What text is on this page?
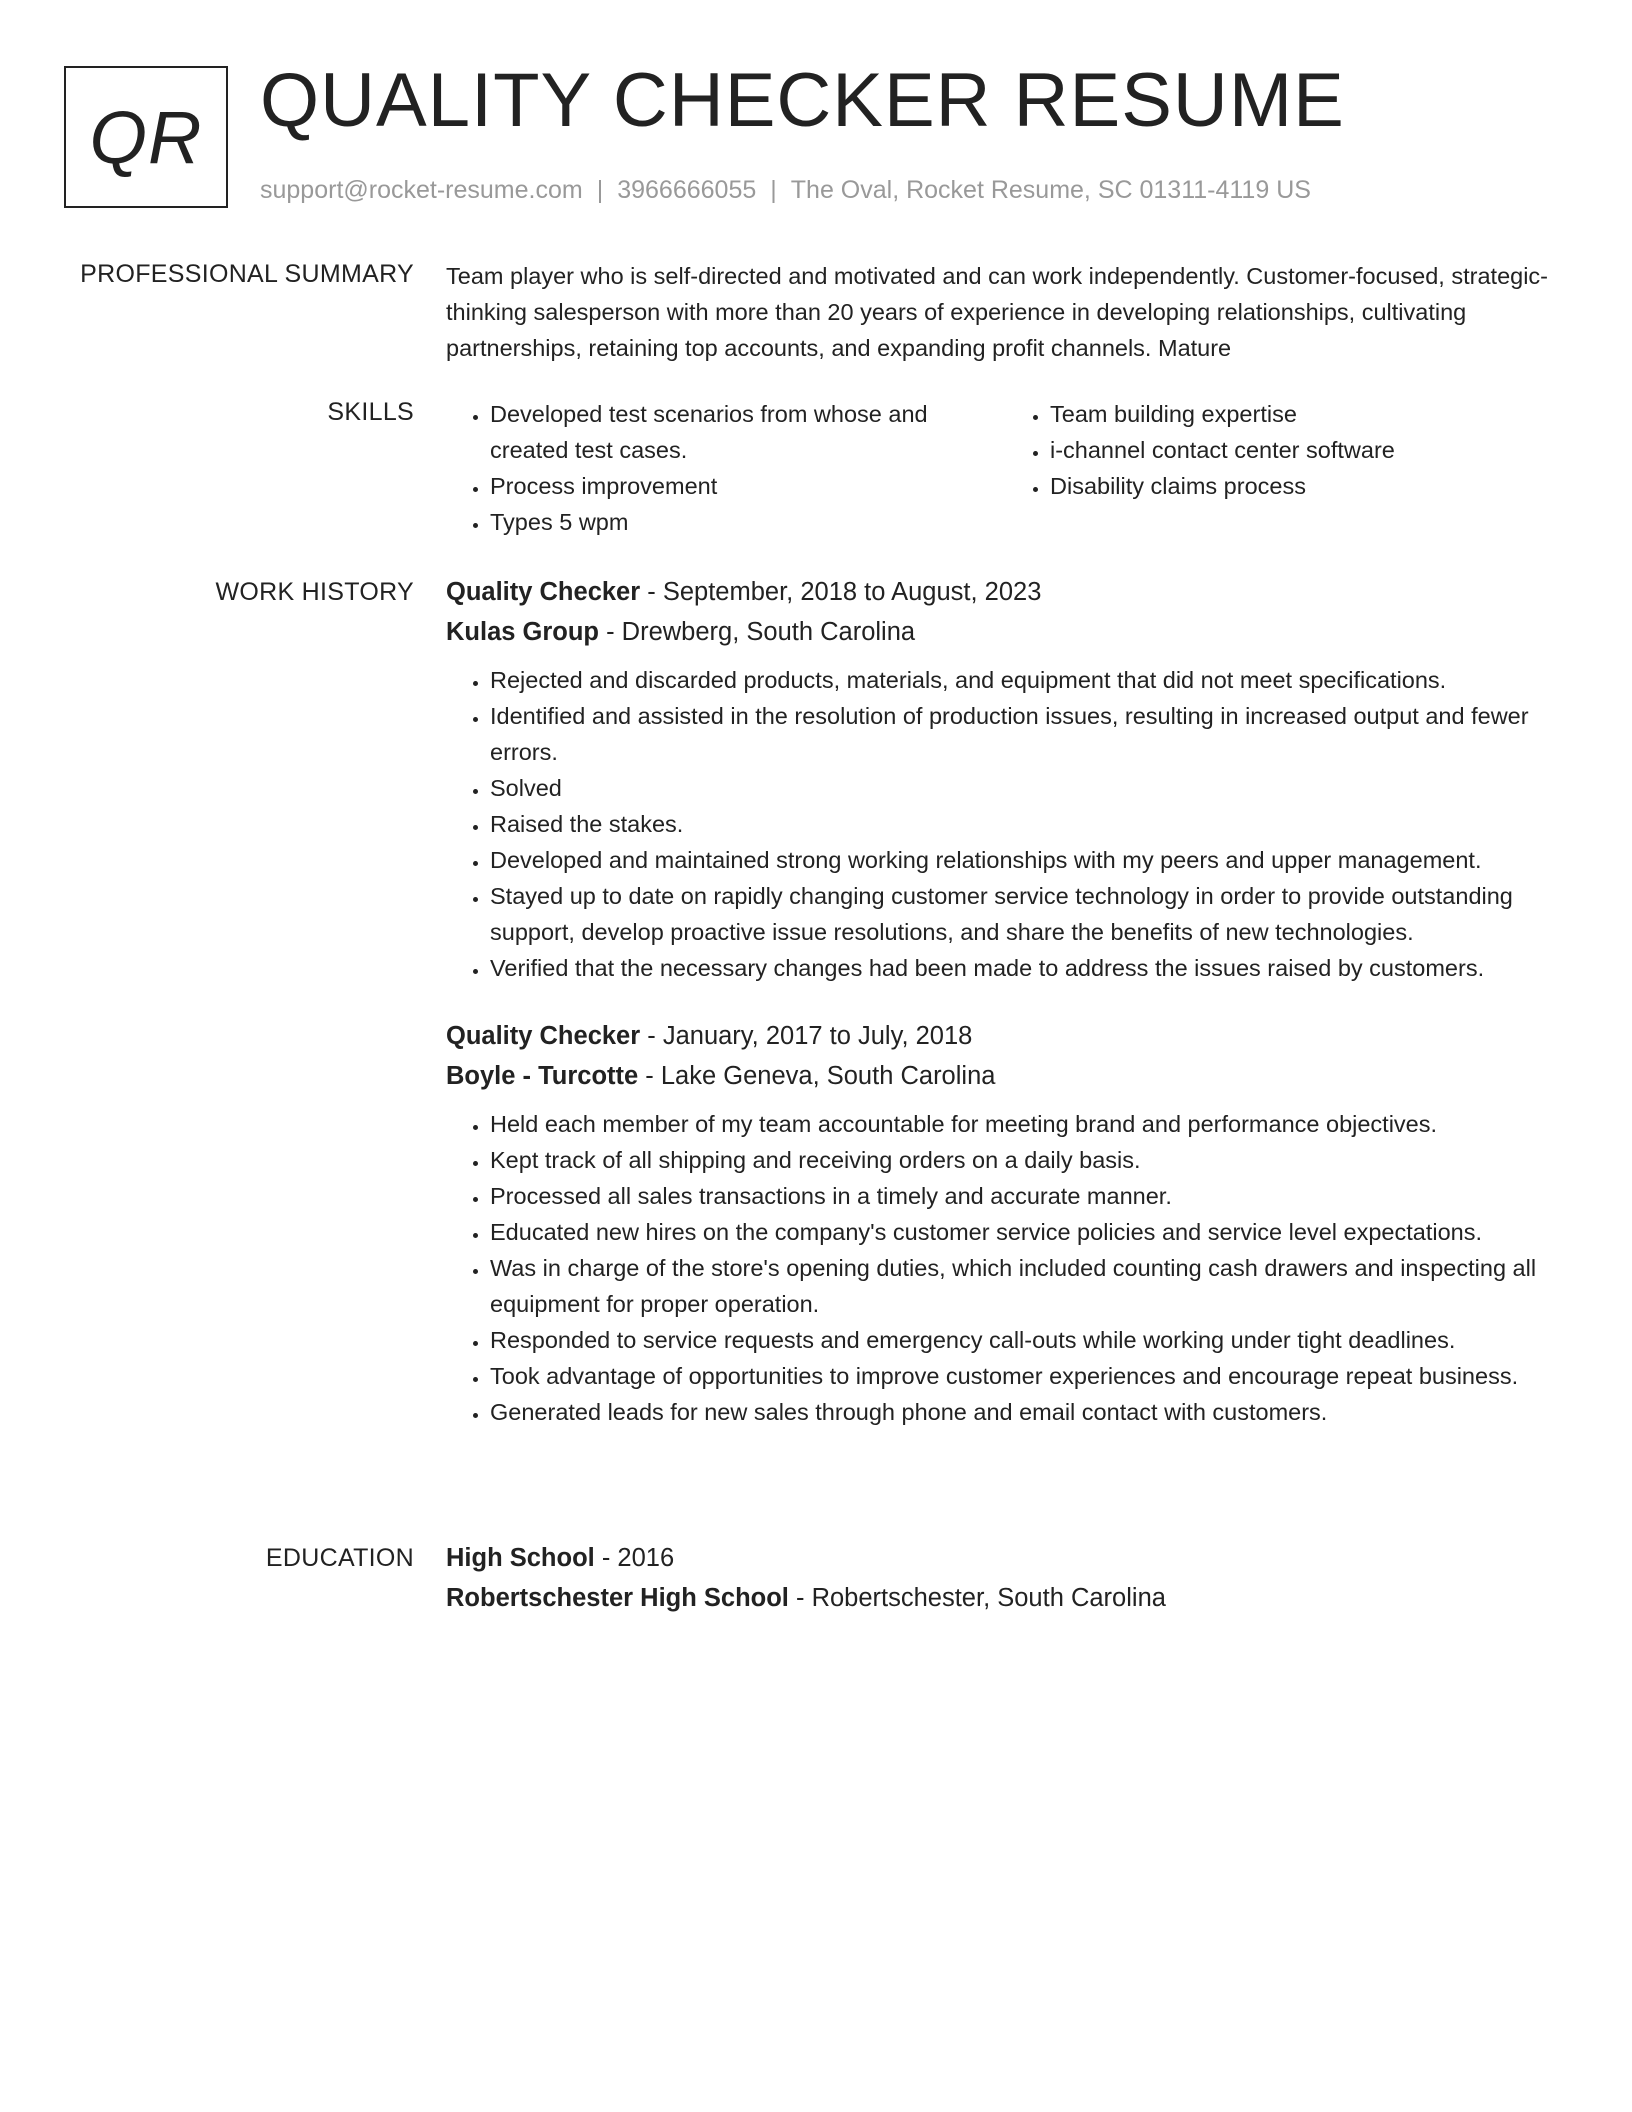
QR QUALITY CHECKER RESUME
support@rocket-resume.com | 3966666055 | The Oval, Rocket Resume, SC 01311-4119 US
PROFESSIONAL SUMMARY Team player who is self-directed and motivated and can work independently. Customer-focused, strategic-thinking salesperson with more than 20 years of experience in developing relationships, cultivating partnerships, retaining top accounts, and expanding profit channels. Mature
SKILLS
•	Developed test scenarios from whose and created test cases.
• Process improvement
• Types 5 wpm
• Team building expertise
• i-channel contact center software
• Disability claims process
WORK HISTORY Quality Checker - September, 2018 to August, 2023
Kulas Group - Drewberg, South Carolina
• Rejected and discarded products, materials, and equipment that did not meet specifications.
• Identified and assisted in the resolution of production issues, resulting in increased output and fewer errors.
• Solved
• Raised the stakes.
• Developed and maintained strong working relationships with my peers and upper management.
• Stayed up to date on rapidly changing customer service technology in order to provide outstanding support, develop proactive issue resolutions, and share the benefits of new technologies.
• Verified that the necessary changes had been made to address the issues raised by customers.
Quality Checker - January, 2017 to July, 2018
Boyle - Turcotte - Lake Geneva, South Carolina
• Held each member of my team accountable for meeting brand and performance objectives.
• Kept track of all shipping and receiving orders on a daily basis.
• Processed all sales transactions in a timely and accurate manner.
• Educated new hires on the company's customer service policies and service level expectations.
• Was in charge of the store's opening duties, which included counting cash drawers and inspecting all equipment for proper operation.
• Responded to service requests and emergency call-outs while working under tight deadlines.
• Took advantage of opportunities to improve customer experiences and encourage repeat business.
• Generated leads for new sales through phone and email contact with customers.
EDUCATION High School - 2016
Robertschester High School - Robertschester, South Carolina
